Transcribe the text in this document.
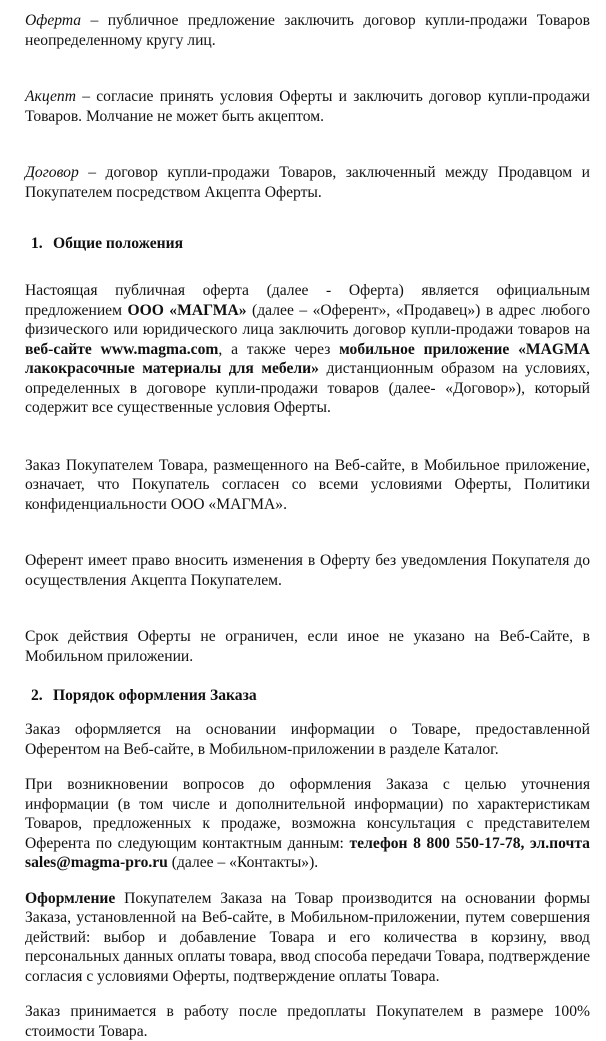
Оферта – публичное предложение заключить договор купли-продажи Товаров неопределенному кругу лиц.

Акцепт – согласие принять условия Оферты и заключить договор купли-продажи Товаров. Молчание не может быть акцептом.

Договор – договор купли-продажи Товаров, заключенный между Продавцом и Покупателем посредством Акцепта Оферты.

1. Общие положения

Настоящая публичная оферта (далее - Оферта) является официальным предложением ООО «МАГМА» (далее – «Оферент», «Продавец») в адрес любого физического или юридического лица заключить договор купли-продажи товаров на веб-сайте www.magma.com, а также через мобильное приложение «MAGMA лакокрасочные материалы для мебели» дистанционным образом на условиях, определенных в договоре купли-продажи товаров (далее- «Договор»), который содержит все существенные условия Оферты.

Заказ Покупателем Товара, размещенного на Веб-сайте, в Мобильное приложение, означает, что Покупатель согласен со всеми условиями Оферты, Политики конфиденциальности ООО «МАГМА».

Оферент имеет право вносить изменения в Оферту без уведомления Покупателя до осуществления Акцепта Покупателем.

Срок действия Оферты не ограничен, если иное не указано на Веб-Сайте, в Мобильном приложении.

2. Порядок оформления Заказа

Заказ оформляется на основании информации о Товаре, предоставленной Оферентом на Веб-сайте, в Мобильном-приложении в разделе Каталог.

При возникновении вопросов до оформления Заказа с целью уточнения информации (в том числе и дополнительной информации) по характеристикам Товаров, предложенных к продаже, возможна консультация с представителем Оферента по следующим контактным данным: телефон 8 800 550-17-78, эл.почта sales@magma-pro.ru (далее – «Контакты»).

Оформление Покупателем Заказа на Товар производится на основании формы Заказа, установленной на Веб-сайте, в Мобильном-приложении, путем совершения действий: выбор и добавление Товара и его количества в корзину, ввод персональных данных оплаты товара, ввод способа передачи Товара, подтверждение согласия с условиями Оферты, подтверждение оплаты Товара.

Заказ принимается в работу после предоплаты Покупателем в размере 100% стоимости Товара.
